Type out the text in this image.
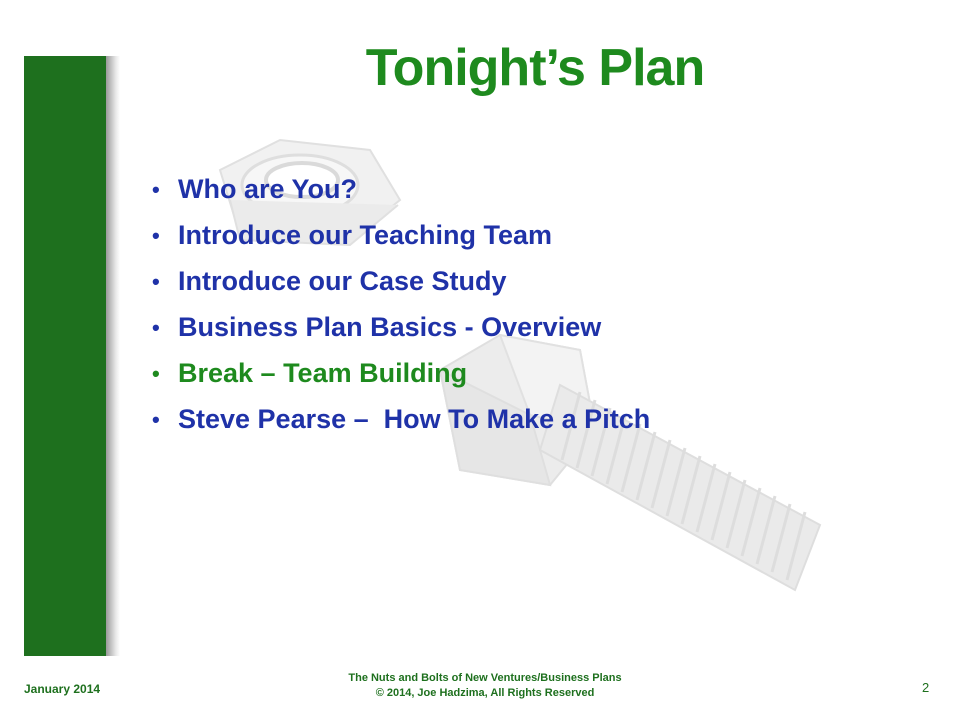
Tonight’s Plan
• Who are You?
• Introduce our Teaching Team
• Introduce our Case Study
• Business Plan Basics - Overview
• Break – Team Building
• Steve Pearse –  How To Make a Pitch
January 2014
The Nuts and Bolts of New Ventures/Business Plans
© 2014, Joe Hadzima, All Rights Reserved	2
